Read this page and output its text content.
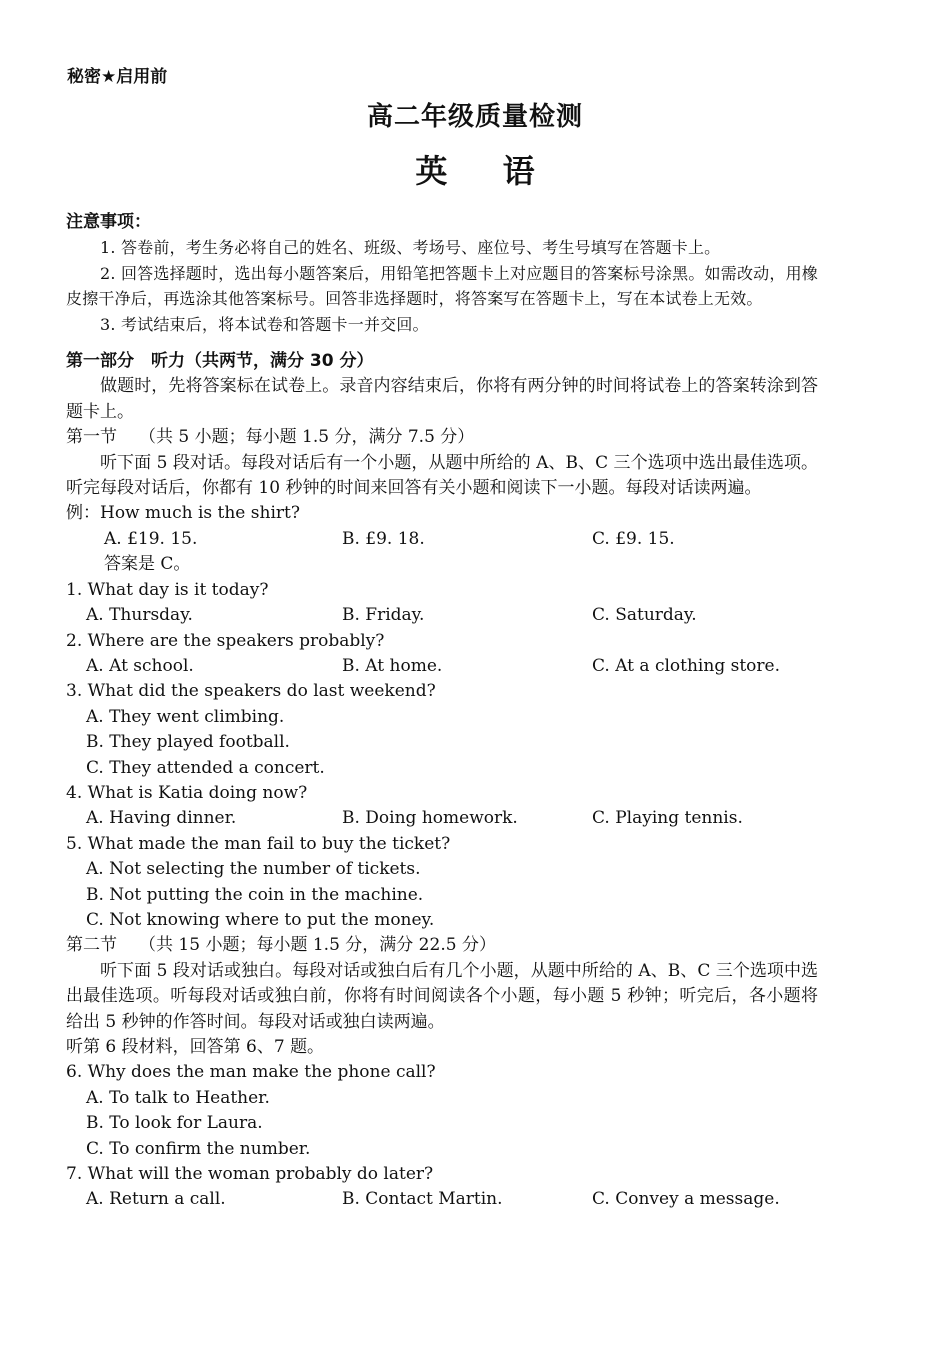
秘密★启用前
高二年级质量检测
英 语
注意事项：
1. 答卷前，考生务必将自己的姓名、班级、考场号、座位号、考生号填写在答题卡上。
2. 回答选择题时，选出每小题答案后，用铅笔把答题卡上对应题目的答案标号涂黑。如需改动，用橡皮擦干净后，再选涂其他答案标号。回答非选择题时，将答案写在答题卡上，写在本试卷上无效。
3. 考试结束后，将本试卷和答题卡一并交回。
第一部分　听力（共两节，满分 30 分）
做题时，先将答案标在试卷上。录音内容结束后，你将有两分钟的时间将试卷上的答案转涂到答题卡上。
第一节 （共 5 小题；每小题 1.5 分，满分 7.5 分）
听下面 5 段对话。每段对话后有一个小题，从题中所给的 A、B、C 三个选项中选出最佳选项。听完每段对话后，你都有 10 秒钟的时间来回答有关小题和阅读下一小题。每段对话读两遍。
例：How much is the shirt?
A. £19. 15.	B. £9. 18.	C. £9. 15.
答案是 C。
1. What day is it today?
A. Thursday.	B. Friday.	C. Saturday.
2. Where are the speakers probably?
A. At school.	B. At home.	C. At a clothing store.
3. What did the speakers do last weekend?
A. They went climbing.
B. They played football.
C. They attended a concert.
4. What is Katia doing now?
A. Having dinner.	B. Doing homework.	C. Playing tennis.
5. What made the man fail to buy the ticket?
A. Not selecting the number of tickets.
B. Not putting the coin in the machine.
C. Not knowing where to put the money.
第二节 （共 15 小题；每小题 1.5 分，满分 22.5 分）
听下面 5 段对话或独白。每段对话或独白后有几个小题，从题中所给的 A、B、C 三个选项中选出最佳选项。听每段对话或独白前，你将有时间阅读各个小题，每小题 5 秒钟；听完后，各小题将给出 5 秒钟的作答时间。每段对话或独白读两遍。
听第 6 段材料，回答第 6、7 题。
6. Why does the man make the phone call?
A. To talk to Heather.
B. To look for Laura.
C. To confirm the number.
7. What will the woman probably do later?
A. Return a call.	B. Contact Martin.	C. Convey a message.
